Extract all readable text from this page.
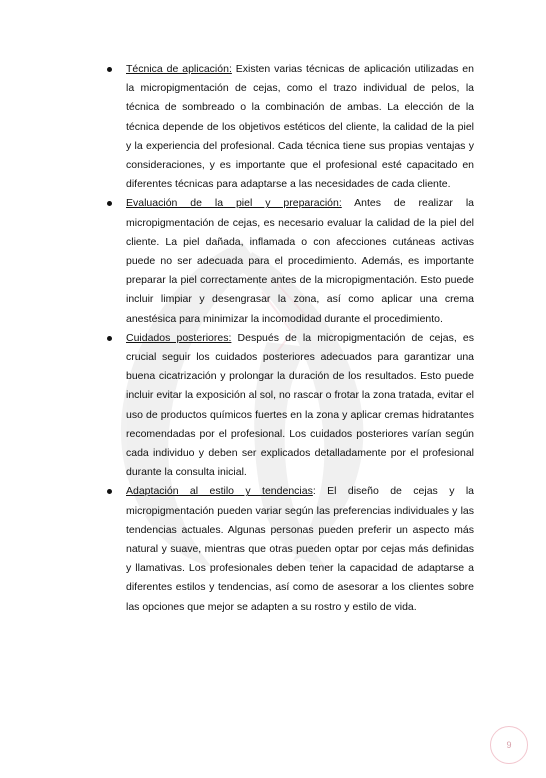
Técnica de aplicación: Existen varias técnicas de aplicación utilizadas en la micropigmentación de cejas, como el trazo individual de pelos, la técnica de sombreado o la combinación de ambas. La elección de la técnica depende de los objetivos estéticos del cliente, la calidad de la piel y la experiencia del profesional. Cada técnica tiene sus propias ventajas y consideraciones, y es importante que el profesional esté capacitado en diferentes técnicas para adaptarse a las necesidades de cada cliente.
Evaluación de la piel y preparación: Antes de realizar la micropigmentación de cejas, es necesario evaluar la calidad de la piel del cliente. La piel dañada, inflamada o con afecciones cutáneas activas puede no ser adecuada para el procedimiento. Además, es importante preparar la piel correctamente antes de la micropigmentación. Esto puede incluir limpiar y desengrasar la zona, así como aplicar una crema anestésica para minimizar la incomodidad durante el procedimiento.
Cuidados posteriores: Después de la micropigmentación de cejas, es crucial seguir los cuidados posteriores adecuados para garantizar una buena cicatrización y prolongar la duración de los resultados. Esto puede incluir evitar la exposición al sol, no rascar o frotar la zona tratada, evitar el uso de productos químicos fuertes en la zona y aplicar cremas hidratantes recomendadas por el profesional. Los cuidados posteriores varían según cada individuo y deben ser explicados detalladamente por el profesional durante la consulta inicial.
Adaptación al estilo y tendencias: El diseño de cejas y la micropigmentación pueden variar según las preferencias individuales y las tendencias actuales. Algunas personas pueden preferir un aspecto más natural y suave, mientras que otras pueden optar por cejas más definidas y llamativas. Los profesionales deben tener la capacidad de adaptarse a diferentes estilos y tendencias, así como de asesorar a los clientes sobre las opciones que mejor se adapten a su rostro y estilo de vida.
9
